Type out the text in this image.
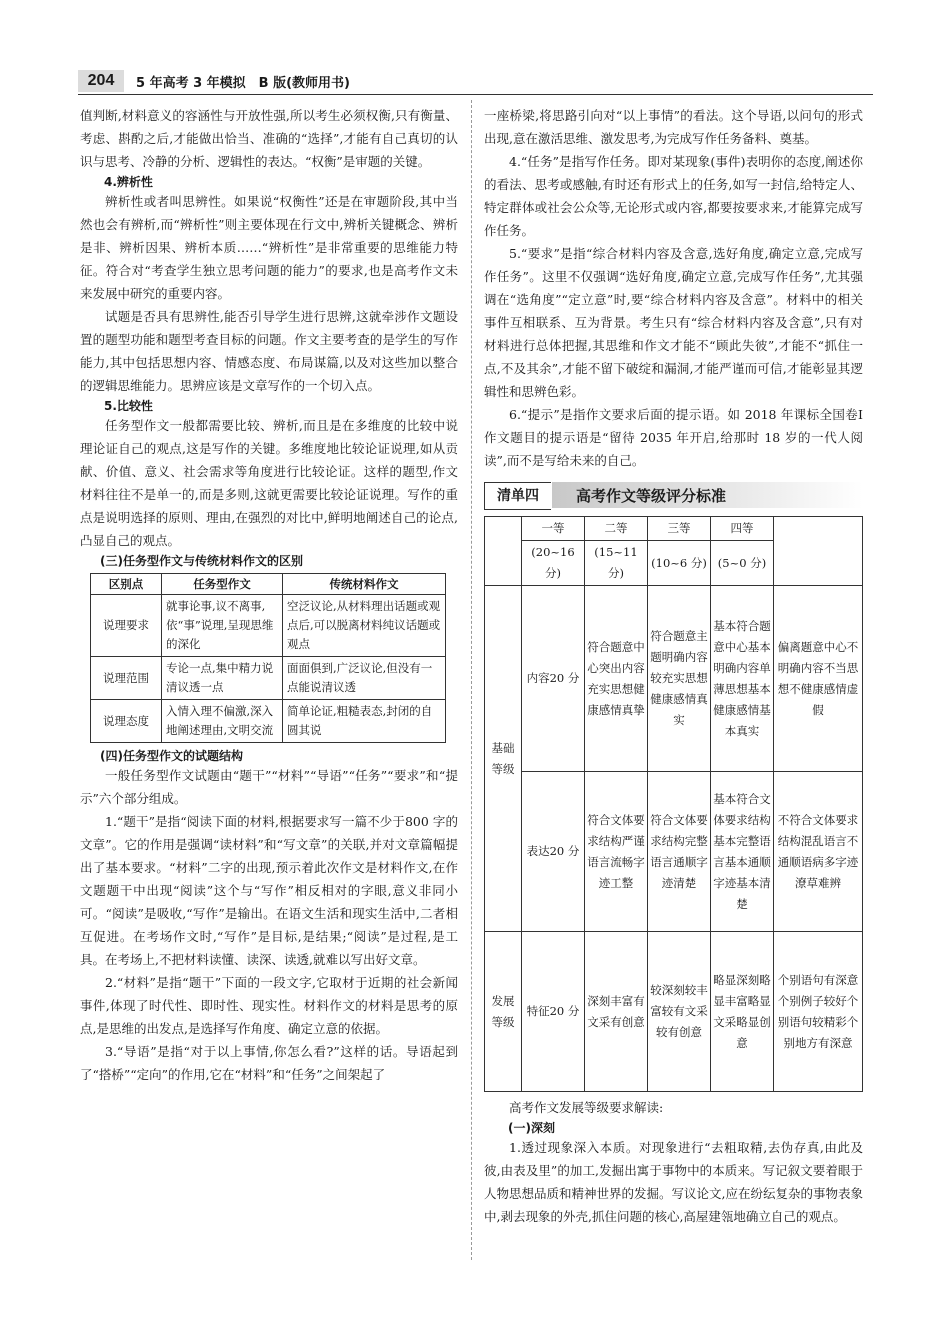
204	5 年高考 3 年模拟　B 版(教师用书)

值判断,材料意义的容涵性与开放性强,所以考生必须权衡,只有衡量、考虑、斟酌之后,才能做出恰当、准确的“选择”,才能有自己真切的认识与思考、冷静的分析、逻辑性的表达。“权衡”是审题的关键。

4.辨析性

辨析性或者叫思辨性。如果说“权衡性”还是在审题阶段,其中当然也会有辨析,而“辨析性”则主要体现在行文中,辨析关键概念、辨析是非、辨析因果、辨析本质……“辨析性”是非常重要的思维能力特征。符合对“考查学生独立思考问题的能力”的要求,也是高考作文未来发展中研究的重要内容。

试题是否具有思辨性,能否引导学生进行思辨,这就牵涉作文题设置的题型功能和题型考查目标的问题。作文主要考查的是学生的写作能力,其中包括思想内容、情感态度、布局谋篇,以及对这些加以整合的逻辑思维能力。思辨应该是文章写作的一个切入点。

5.比较性

任务型作文一般都需要比较、辨析,而且是在多维度的比较中说理论证自己的观点,这是写作的关键。多维度地比较论证说理,如从贡献、价值、意义、社会需求等角度进行比较论证。这样的题型,作文材料往往不是单一的,而是多则,这就更需要比较论证说理。写作的重点是说明选择的原则、理由,在强烈的对比中,鲜明地阐述自己的论点,凸显自己的观点。

(三)任务型作文与传统材料作文的区别
区别点	任务型作文	传统材料作文
说理要求	就事论事,议不离事,依“事”说理,呈现思维的深化	空泛议论,从材料理出话题或观点后,可以脱离材料纯议话题或观点
说理范围	专论一点,集中精力说清议透一点	面面俱到,广泛议论,但没有一点能说清议透
说理态度	入情入理不偏激,深入地阐述理由,文明交流	简单论证,粗糙表态,封闭的自圆其说
(四)任务型作文的试题结构

一般任务型作文试题由“题干”“材料”“导语”“任务”“要求”和“提示”六个部分组成。

1.“题干”是指“阅读下面的材料,根据要求写一篇不少于800 字的文章”。它的作用是强调“读材料”和“写文章”的关联,并对文章篇幅提出了基本要求。“材料”二字的出现,预示着此次作文是材料作文,在作文题题干中出现“阅读”这个与“写作”相反相对的字眼,意义非同小可。“阅读”是吸收,“写作”是输出。在语文生活和现实生活中,二者相互促进。在考场作文时,“写作”是目标,是结果;“阅读”是过程,是工具。在考场上,不把材料读懂、读深、读透,就难以写出好文章。

2.“材料”是指“题干”下面的一段文字,它取材于近期的社会新闻事件,体现了时代性、即时性、现实性。材料作文的材料是思考的原点,是思维的出发点,是选择写作角度、确定立意的依据。

3.“导语”是指“对于以上事情,你怎么看?”这样的话。导语起到了“搭桥”“定向”的作用,它在“材料”和“任务”之间架起了

一座桥梁,将思路引向对“以上事情”的看法。这个导语,以问句的形式出现,意在激活思维、激发思考,为完成写作任务备料、奠基。

4.“任务”是指写作任务。即对某现象(事件)表明你的态度,阐述你的看法、思考或感触,有时还有形式上的任务,如写一封信,给特定人、特定群体或社会公众等,无论形式或内容,都要按要求来,才能算完成写作任务。

5.“要求”是指“综合材料内容及含意,选好角度,确定立意,完成写作任务”。这里不仅强调“选好角度,确定立意,完成写作任务”,尤其强调在“选角度”“定立意”时,要“综合材料内容及含意”。材料中的相关事件互相联系、互为背景。考生只有“综合材料内容及含意”,只有对材料进行总体把握,其思维和作文才能不“顾此失彼”,才能不“抓住一点,不及其余”,才能不留下破绽和漏洞,才能严谨而可信,才能彰显其逻辑性和思辨色彩。

6.“提示”是指作文要求后面的提示语。如 2018 年课标全国卷Ⅰ作文题目的提示语是“留待 2035 年开启,给那时 18 岁的一代人阅读”,而不是写给未来的自己。

清单四	高考作文等级评分标准
	一等	二等	三等	四等	
	(20~16 分)	(15~11 分)	(10~6 分)	(5~0 分)	
基础等级	内容20 分	符合题意中心突出内容充实思想健康感情真挚	符合题意主题明确内容较充实思想健康感情真实	基本符合题意中心基本明确内容单薄思想基本健康感情基本真实	偏离题意中心不明确内容不当思想不健康感情虚假
	表达20 分	符合文体要求结构严谨语言流畅字迹工整	符合文体要求结构完整语言通顺字迹清楚	基本符合文体要求结构基本完整语言基本通顺字迹基本清楚	不符合文体要求结构混乱语言不通顺语病多字迹潦草难辨
发展等级	特征20 分	深刻丰富有文采有创意	较深刻较丰富较有文采较有创意	略显深刻略显丰富略显文采略显创意	个别语句有深意个别例子较好个别语句较精彩个别地方有深意

高考作文发展等级要求解读:

(一)深刻

1.透过现象深入本质。对现象进行“去粗取精,去伪存真,由此及彼,由表及里”的加工,发掘出寓于事物中的本质来。写记叙文要着眼于人物思想品质和精神世界的发掘。写议论文,应在纷纭复杂的事物表象中,剥去现象的外壳,抓住问题的核心,高屋建瓴地确立自己的观点。
